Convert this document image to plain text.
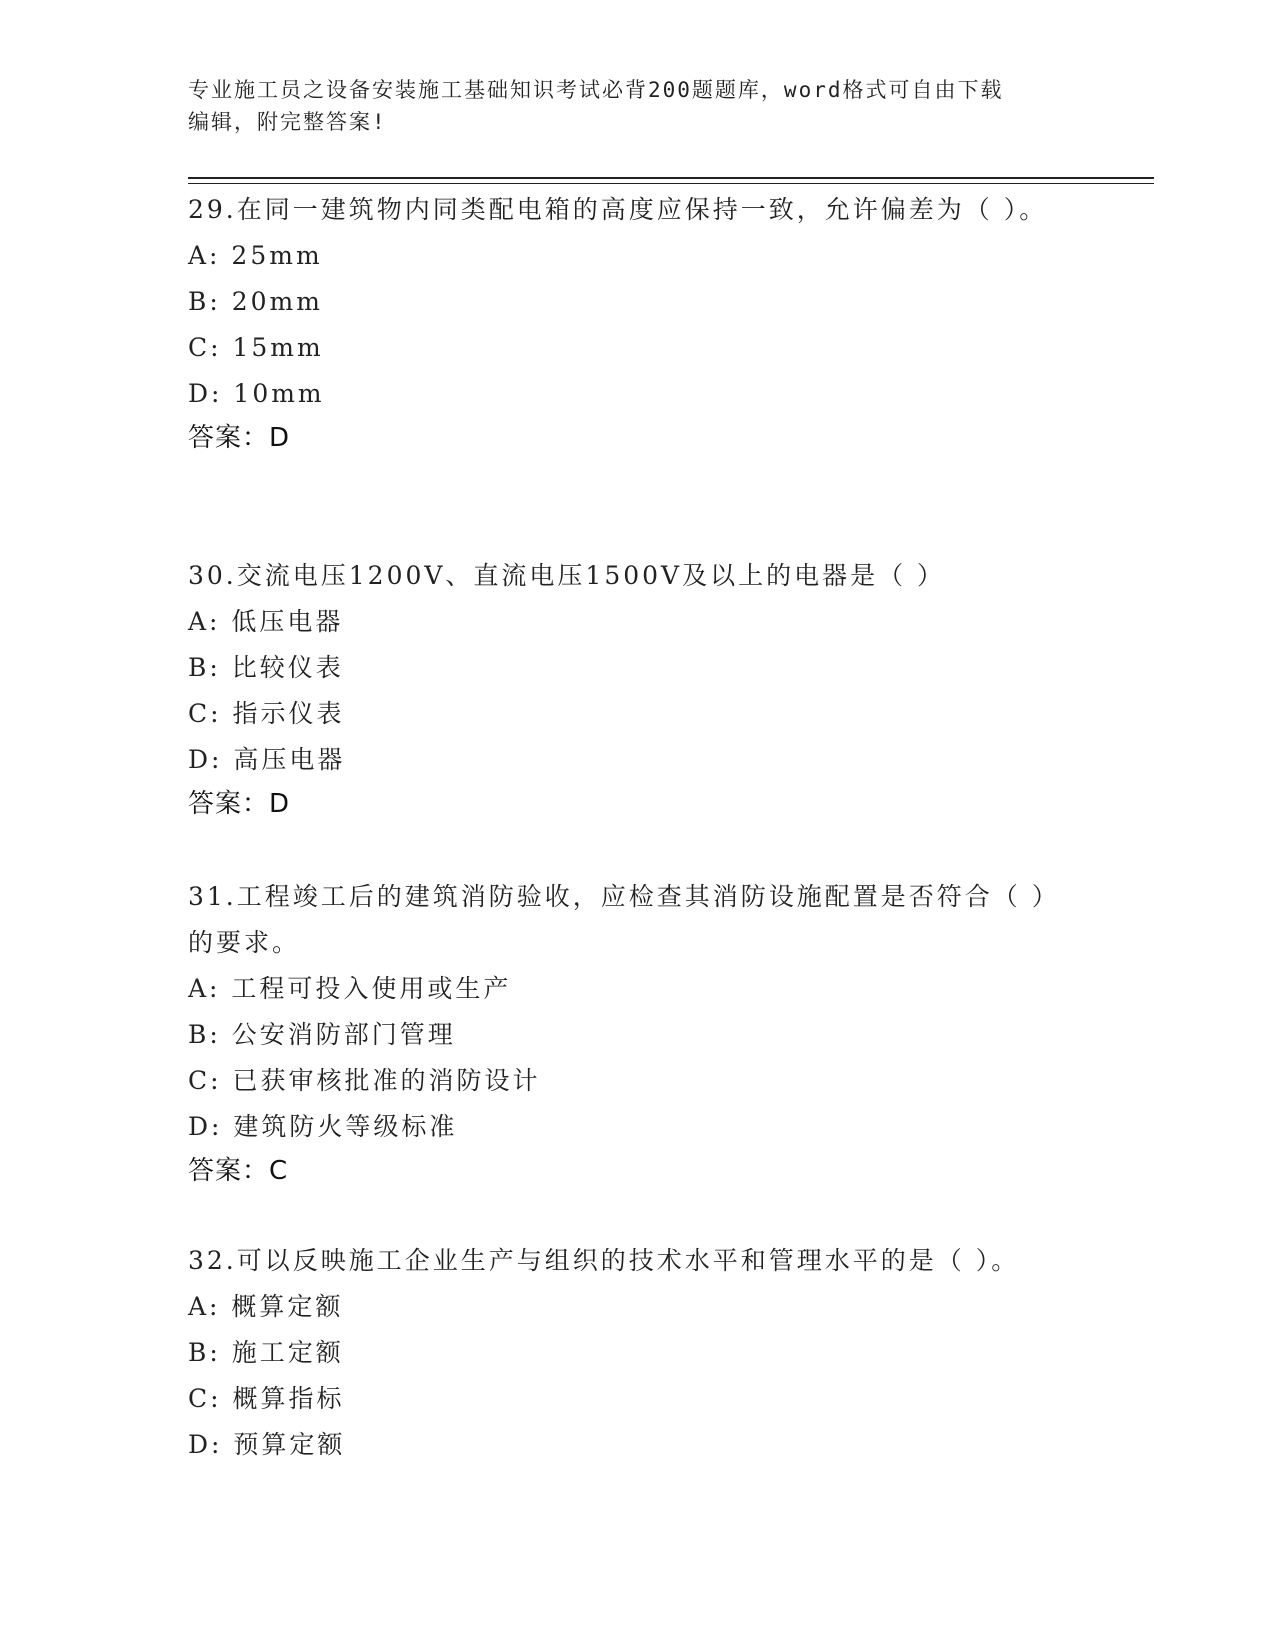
专业施工员之设备安装施工基础知识考试必背200题题库，word格式可自由下载
编辑，附完整答案!
29.在同一建筑物内同类配电箱的高度应保持一致，允许偏差为（ ）。
A: 25mm
B: 20mm
C: 15mm
D: 10mm
答案：D
30.交流电压1200V、直流电压1500V及以上的电器是（ ）
A: 低压电器
B: 比较仪表
C: 指示仪表
D: 高压电器
答案：D
31.工程竣工后的建筑消防验收，应检查其消防设施配置是否符合（ ）的要求。
A: 工程可投入使用或生产
B: 公安消防部门管理
C: 已获审核批准的消防设计
D: 建筑防火等级标准
答案：C
32.可以反映施工企业生产与组织的技术水平和管理水平的是（ ）。
A: 概算定额
B: 施工定额
C: 概算指标
D: 预算定额
